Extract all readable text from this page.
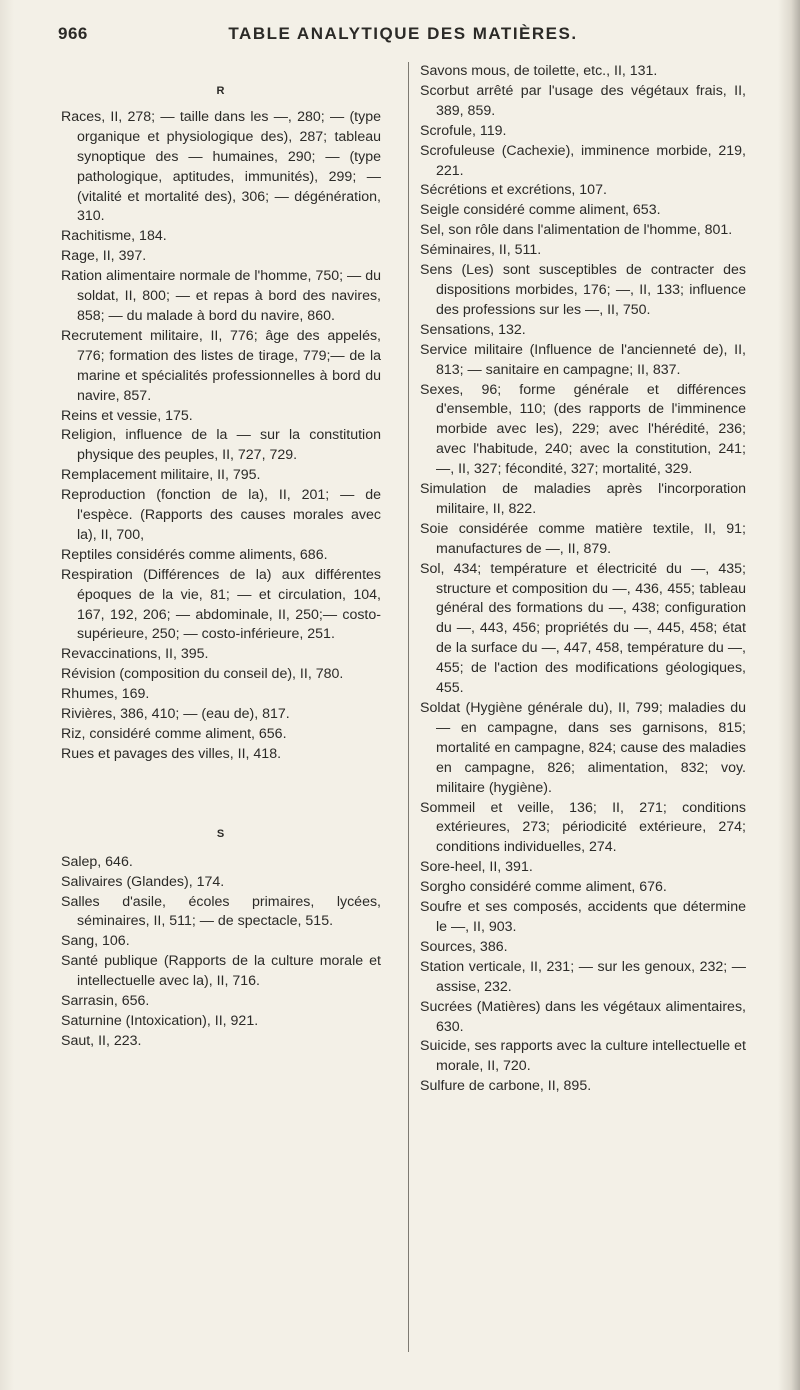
966	TABLE ANALYTIQUE DES MATIÈRES.
R

Races, II, 278; — taille dans les —, 280; — (type organique et physiologique des), 287; tableau synoptique des — humaines, 290; — (type pathologique, aptitudes, immunités), 299; — (vitalité et mortalité des), 306; — dégénération, 310.

Rachitisme, 184.

Rage, II, 397.

Ration alimentaire normale de l'homme, 750; — du soldat, II, 800; — et repas à bord des navires, 858; — du malade à bord du navire, 860.

Recrutement militaire, II, 776; âge des appelés, 776; formation des listes de tirage, 779;— de la marine et spécialités professionnelles à bord du navire, 857.

Reins et vessie, 175.

Religion, influence de la — sur la constitution physique des peuples, II, 727, 729.

Remplacement militaire, II, 795.

Reproduction (fonction de la), II, 201; — de l'espèce. (Rapports des causes morales avec la), II, 700,

Reptiles considérés comme aliments, 686.

Respiration (Différences de la) aux différentes époques de la vie, 81; — et circulation, 104, 167, 192, 206; — abdominale, II, 250;— costo-supérieure, 250; — costo-inférieure, 251.

Revaccinations, II, 395.

Révision (composition du conseil de), II, 780.

Rhumes, 169.

Rivières, 386, 410; — (eau de), 817.

Riz, considéré comme aliment, 656.

Rues et pavages des villes, II, 418.

S

Salep, 646.

Salivaires (Glandes), 174.

Salles d'asile, écoles primaires, lycées, séminaires, II, 511; — de spectacle, 515.

Sang, 106.

Santé publique (Rapports de la culture morale et intellectuelle avec la), II, 716.

Sarrasin, 656.

Saturnine (Intoxication), II, 921.

Saut, II, 223.

Savons mous, de toilette, etc., II, 131.

Scorbut arrêté par l'usage des végétaux frais, II, 389, 859.

Scrofule, 119.

Scrofuleuse (Cachexie), imminence morbide, 219, 221.

Sécrétions et excrétions, 107.

Seigle considéré comme aliment, 653.

Sel, son rôle dans l'alimentation de l'homme, 801.

Séminaires, II, 511.

Sens (Les) sont susceptibles de contracter des dispositions morbides, 176; —, II, 133; influence des professions sur les —, II, 750.

Sensations, 132.

Service militaire (Influence de l'ancienneté de), II, 813; — sanitaire en campagne; II, 837.

Sexes, 96; forme générale et différences d'ensemble, 110; (des rapports de l'imminence morbide avec les), 229; avec l'hérédité, 236; avec l'habitude, 240; avec la constitution, 241; —, II, 327; fécondité, 327; mortalité, 329.

Simulation de maladies après l'incorporation militaire, II, 822.

Soie considérée comme matière textile, II, 91; manufactures de —, II, 879.

Sol, 434; température et électricité du —, 435; structure et composition du —, 436, 455; tableau général des formations du —, 438; configuration du —, 443, 456; propriétés du —, 445, 458; état de la surface du —, 447, 458, température du —, 455; de l'action des modifications géologiques, 455.

Soldat (Hygiène générale du), II, 799; maladies du — en campagne, dans ses garnisons, 815; mortalité en campagne, 824; cause des maladies en campagne, 826; alimentation, 832; voy. militaire (hygiène).

Sommeil et veille, 136; II, 271; conditions extérieures, 273; périodicité extérieure, 274; conditions individuelles, 274.

Sore-heel, II, 391.

Sorgho considéré comme aliment, 676.

Soufre et ses composés, accidents que détermine le —, II, 903.

Sources, 386.

Station verticale, II, 231; — sur les genoux, 232; — assise, 232.

Sucrées (Matières) dans les végétaux alimentaires, 630.

Suicide, ses rapports avec la culture intellectuelle et morale, II, 720.

Sulfure de carbone, II, 895.
